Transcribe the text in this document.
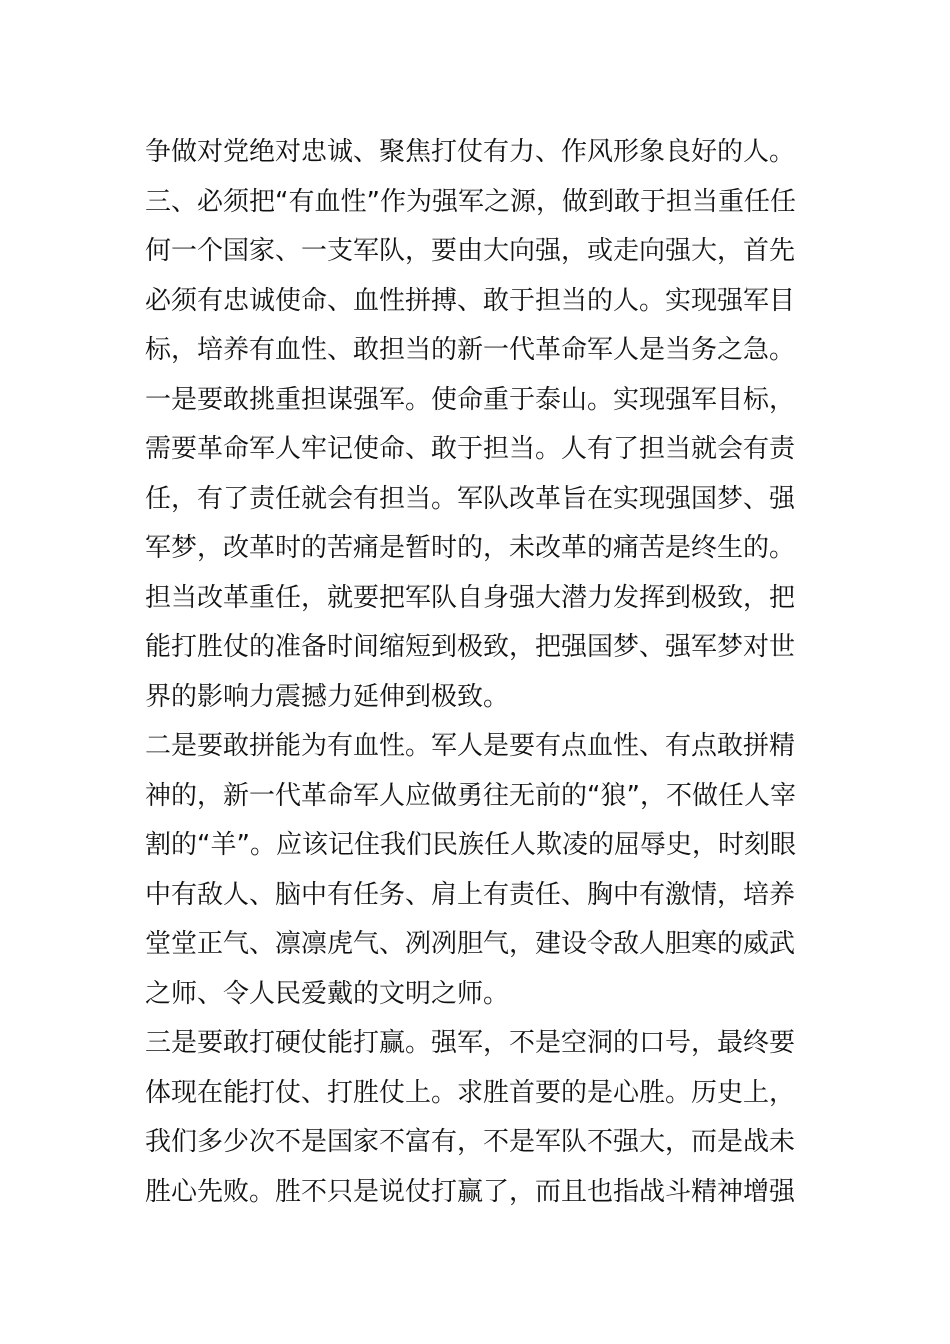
争做对党绝对忠诚、聚焦打仗有力、作风形象良好的人。
三、必须把“有血性”作为强军之源，做到敢于担当重任任
何一个国家、一支军队，要由大向强，或走向强大，首先
必须有忠诚使命、血性拼搏、敢于担当的人。实现强军目
标，培养有血性、敢担当的新一代革命军人是当务之急。
一是要敢挑重担谋强军。使命重于泰山。实现强军目标，
需要革命军人牢记使命、敢于担当。人有了担当就会有责
任，有了责任就会有担当。军队改革旨在实现强国梦、强
军梦，改革时的苦痛是暂时的，未改革的痛苦是终生的。
担当改革重任，就要把军队自身强大潜力发挥到极致，把
能打胜仗的准备时间缩短到极致，把强国梦、强军梦对世
界的影响力震撼力延伸到极致。
二是要敢拼能为有血性。军人是要有点血性、有点敢拼精
神的，新一代革命军人应做勇往无前的“狼”，不做任人宰
割的“羊”。应该记住我们民族任人欺凌的屈辱史，时刻眼
中有敌人、脑中有任务、肩上有责任、胸中有激情，培养
堂堂正气、凛凛虎气、冽冽胆气，建设令敌人胆寒的威武
之师、令人民爱戴的文明之师。
三是要敢打硬仗能打赢。强军，不是空洞的口号，最终要
体现在能打仗、打胜仗上。求胜首要的是心胜。历史上，
我们多少次不是国家不富有，不是军队不强大，而是战未
胜心先败。胜不只是说仗打赢了，而且也指战斗精神增强
